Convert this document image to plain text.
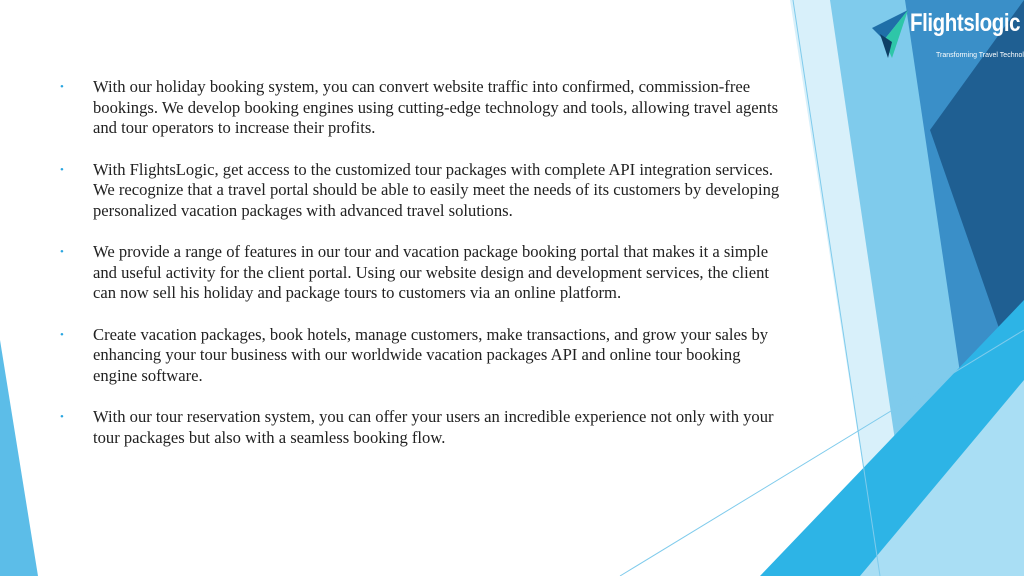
Flightslogic
Transforming Travel Technology
• With our holiday booking system, you can convert website traffic into confirmed, commission-free bookings. We develop booking engines using cutting-edge technology and tools, allowing travel agents and tour operators to increase their profits.
• With FlightsLogic, get access to the customized tour packages with complete API integration services. We recognize that a travel portal should be able to easily meet the needs of its customers by developing personalized vacation packages with advanced travel solutions.
• We provide a range of features in our tour and vacation package booking portal that makes it a simple and useful activity for the client portal. Using our website design and development services, the client can now sell his holiday and package tours to customers via an online platform.
• Create vacation packages, book hotels, manage customers, make transactions, and grow your sales by enhancing your tour business with our worldwide vacation packages API and online tour booking engine software.
• With our tour reservation system, you can offer your users an incredible experience not only with your tour packages but also with a seamless booking flow.
